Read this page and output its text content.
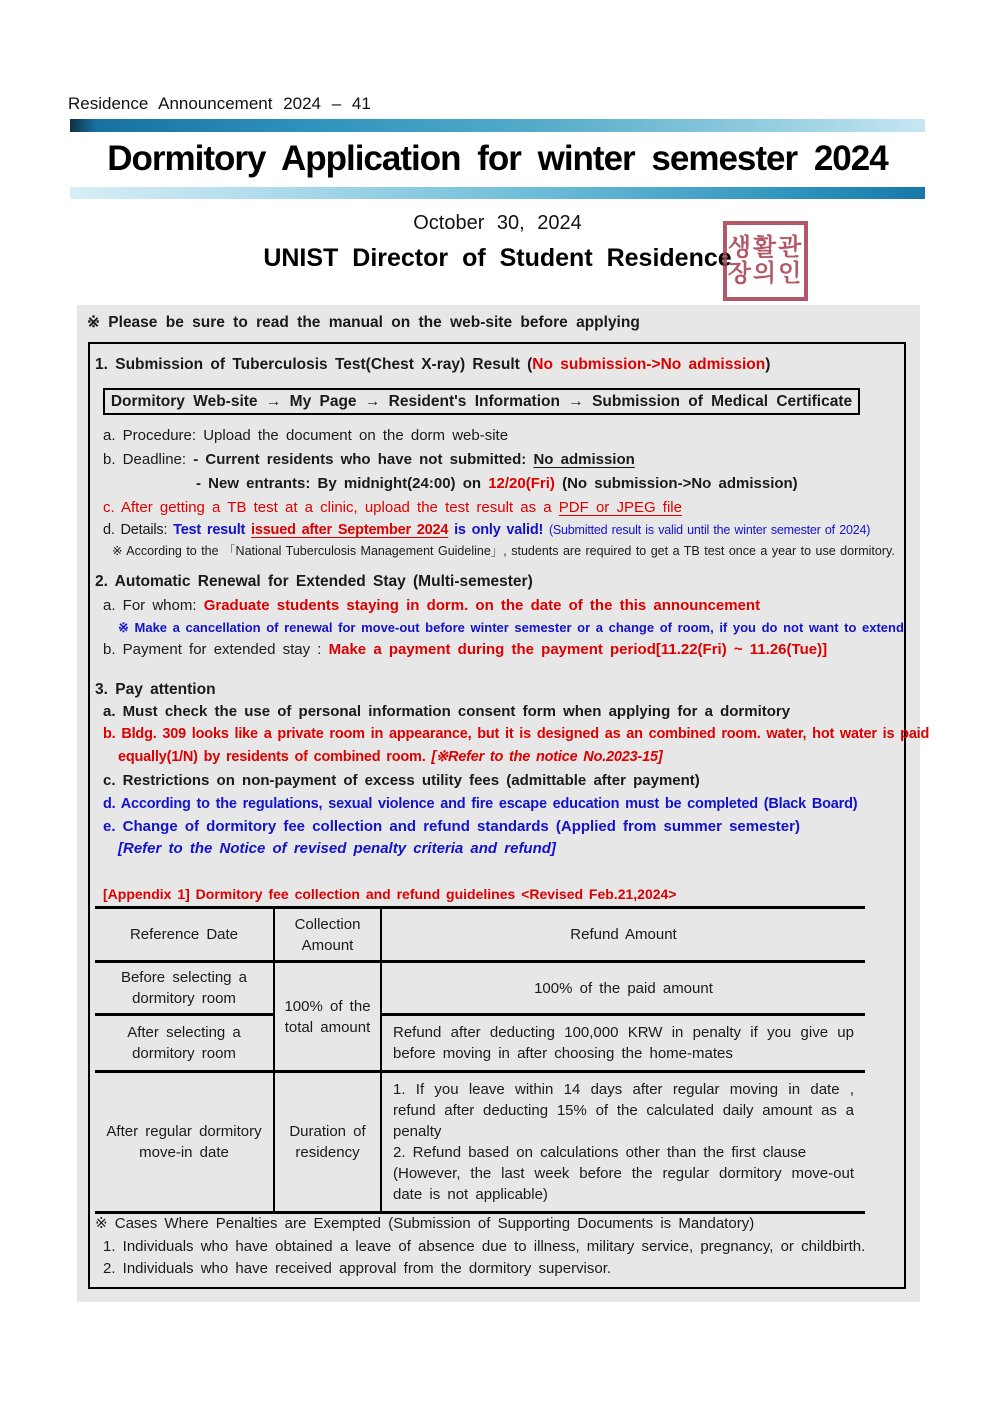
Residence Announcement 2024 – 41
Dormitory Application for winter semester 2024
October 30, 2024
UNIST Director of Student Residence
생활관
장의인
※ Please be sure to read the manual on the web-site before applying
1. Submission of Tuberculosis Test(Chest X-ray) Result (No submission->No admission)
Dormitory Web-site → My Page → Resident's Information → Submission of Medical Certificate
a. Procedure: Upload the document on the dorm web-site
b. Deadline: - Current residents who have not submitted: No admission
- New entrants: By midnight(24:00) on 12/20(Fri) (No submission->No admission)
c. After getting a TB test at a clinic, upload the test result as a PDF or JPEG file
d. Details: Test result issued after September 2024 is only valid! (Submitted result is valid until the winter semester of 2024)
※ According to the 「National Tuberculosis Management Guideline」, students are required to get a TB test once a year to use dormitory.
2. Automatic Renewal for Extended Stay (Multi-semester)
a. For whom: Graduate students staying in dorm. on the date of the this announcement
※ Make a cancellation of renewal for move-out before winter semester or a change of room, if you do not want to extend
b. Payment for extended stay : Make a payment during the payment period[11.22(Fri) ~ 11.26(Tue)]
3. Pay attention
a. Must check the use of personal information consent form when applying for a dormitory
b. Bldg. 309 looks like a private room in appearance, but it is designed as an combined room. water, hot water is paid
equally(1/N) by residents of combined room. [※Refer to the notice No.2023-15]
c. Restrictions on non-payment of excess utility fees (admittable after payment)
d. According to the regulations, sexual violence and fire escape education must be completed (Black Board)
e. Change of dormitory fee collection and refund standards (Applied from summer semester)
[Refer to the Notice of revised penalty criteria and refund]
[Appendix 1] Dormitory fee collection and refund guidelines <Revised Feb.21,2024>
Reference Date	Collection Amount	Refund Amount
Before selecting a dormitory room	100% of the total amount	100% of the paid amount
After selecting a dormitory room		Refund after deducting 100,000 KRW in penalty if you give up before moving in after choosing the home-mates
After regular dormitory move-in date	Duration of residency	1. If you leave within 14 days after regular moving in date , refund after deducting 15% of the calculated daily amount as a penalty
2. Refund based on calculations other than the first clause
(However, the last week before the regular dormitory move-out date is not applicable)
※ Cases Where Penalties are Exempted (Submission of Supporting Documents is Mandatory)
1. Individuals who have obtained a leave of absence due to illness, military service, pregnancy, or childbirth.
2. Individuals who have received approval from the dormitory supervisor.
